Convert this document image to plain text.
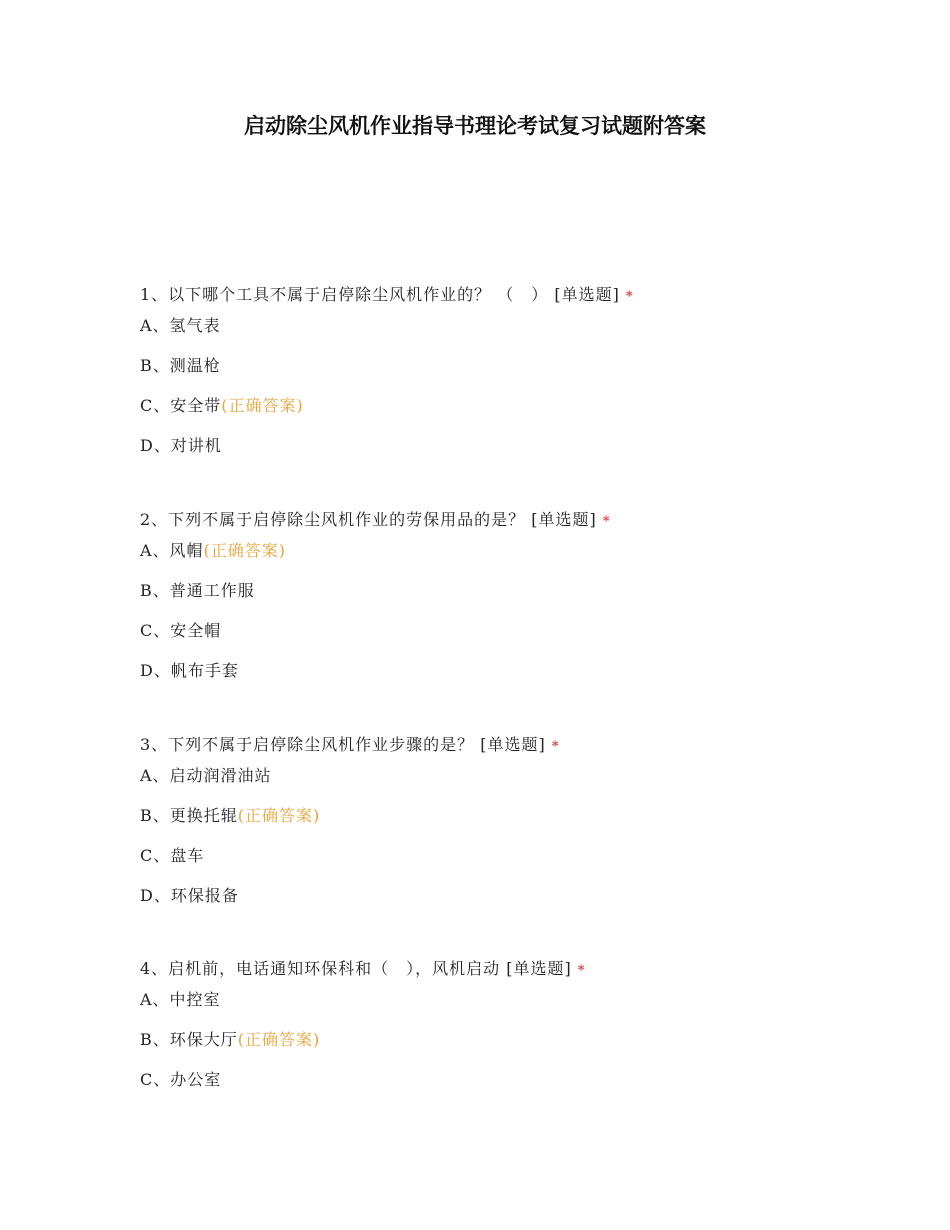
启动除尘风机作业指导书理论考试复习试题附答案
1、以下哪个工具不属于启停除尘风机作业的？ （　） [单选题] *
A、氢气表
B、测温枪
C、安全带(正确答案)
D、对讲机
2、下列不属于启停除尘风机作业的劳保用品的是？ [单选题] *
A、风帽(正确答案)
B、普通工作服
C、安全帽
D、帆布手套
3、下列不属于启停除尘风机作业步骤的是？ [单选题] *
A、启动润滑油站
B、更换托辊(正确答案)
C、盘车
D、环保报备
4、启机前，电话通知环保科和（　），风机启动 [单选题] *
A、中控室
B、环保大厅(正确答案)
C、办公室
